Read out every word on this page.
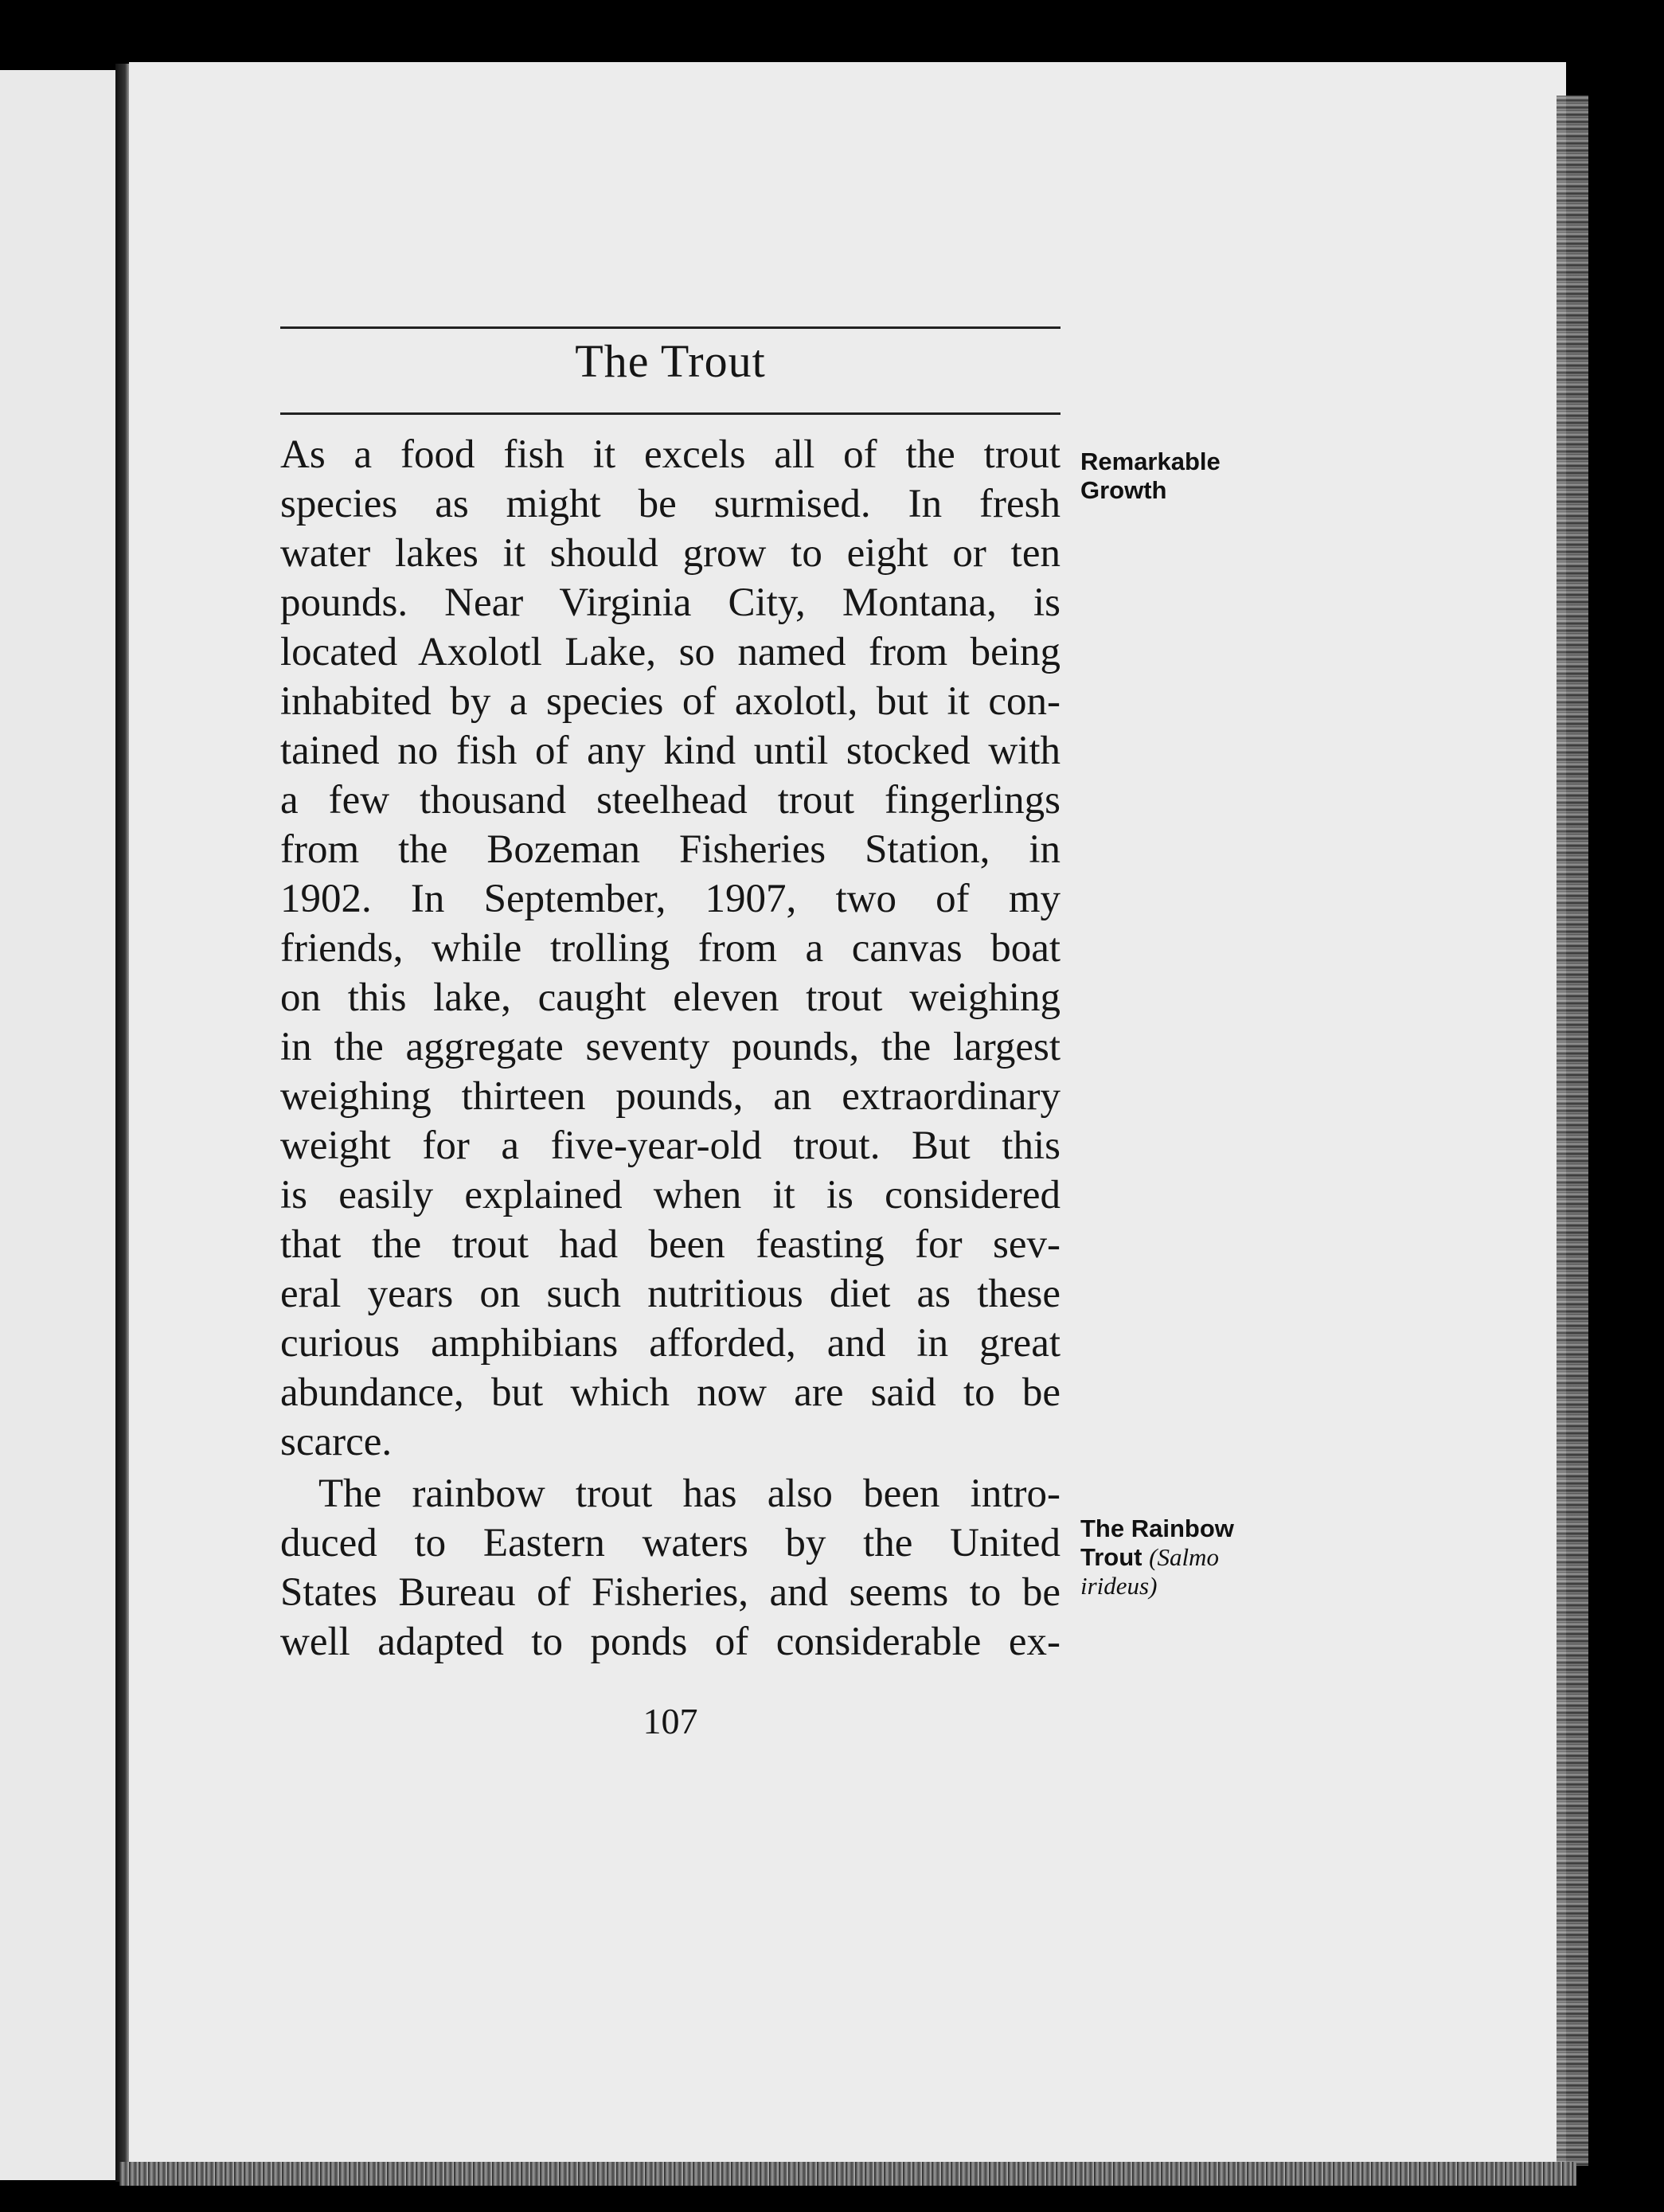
The Trout
As a food fish it excels all of the trout
species as might be surmised. In fresh
water lakes it should grow to eight or ten
pounds. Near Virginia City, Montana, is
located Axolotl Lake, so named from being
inhabited by a species of axolotl, but it con-
tained no fish of any kind until stocked with
a few thousand steelhead trout fingerlings
from the Bozeman Fisheries Station, in
1902. In September, 1907, two of my
friends, while trolling from a canvas boat
on this lake, caught eleven trout weighing
in the aggregate seventy pounds, the largest
weighing thirteen pounds, an extraordinary
weight for a five-year-old trout. But this
is easily explained when it is considered
that the trout had been feasting for sev-
eral years on such nutritious diet as these
curious amphibians afforded, and in great
abundance, but which now are said to be
scarce.
The rainbow trout has also been intro-
duced to Eastern waters by the United
States Bureau of Fisheries, and seems to be
well adapted to ponds of considerable ex-
Remarkable
Growth
The Rainbow
Trout (Salmo
irideus)
107
